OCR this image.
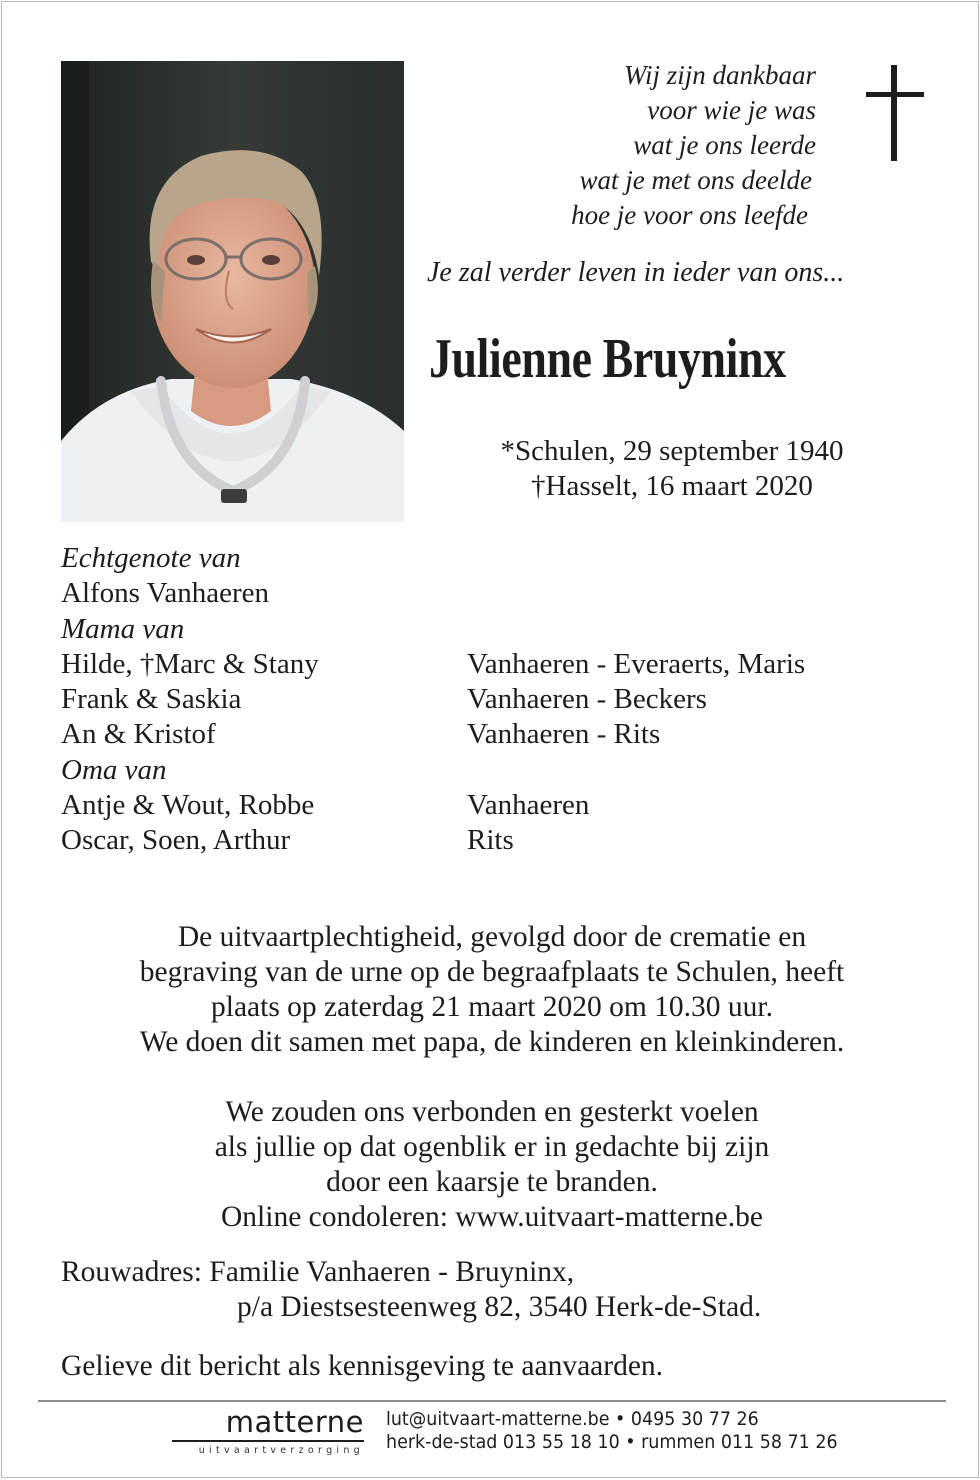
Wij zijn dankbaar
voor wie je was
wat je ons leerde
wat je met ons deelde
hoe je voor ons leefde
Je zal verder leven in ieder van ons...
Julienne Bruyninx
*Schulen, 29 september 1940
†Hasselt, 16 maart 2020
Echtgenote van
Alfons Vanhaeren
Mama van
Hilde, †Marc & Stany	Vanhaeren - Everaerts, Maris
Frank & Saskia	Vanhaeren - Beckers
An & Kristof	Vanhaeren - Rits
Oma van
Antje & Wout, Robbe	Vanhaeren
Oscar, Soen, Arthur	Rits
De uitvaartplechtigheid, gevolgd door de crematie en
begraving van de urne op de begraafplaats te Schulen, heeft
plaats op zaterdag 21 maart 2020 om 10.30 uur.
We doen dit samen met papa, de kinderen en kleinkinderen.
We zouden ons verbonden en gesterkt voelen
als jullie op dat ogenblik er in gedachte bij zijn
door een kaarsje te branden.
Online condoleren: www.uitvaart-matterne.be
Rouwadres: Familie Vanhaeren - Bruyninx,
p/a Diestsesteenweg 82, 3540 Herk-de-Stad.
Gelieve dit bericht als kennisgeving te aanvaarden.
matterne
uitvaartverzorging
lut@uitvaart-matterne.be • 0495 30 77 26
herk-de-stad 013 55 18 10 • rummen 011 58 71 26
